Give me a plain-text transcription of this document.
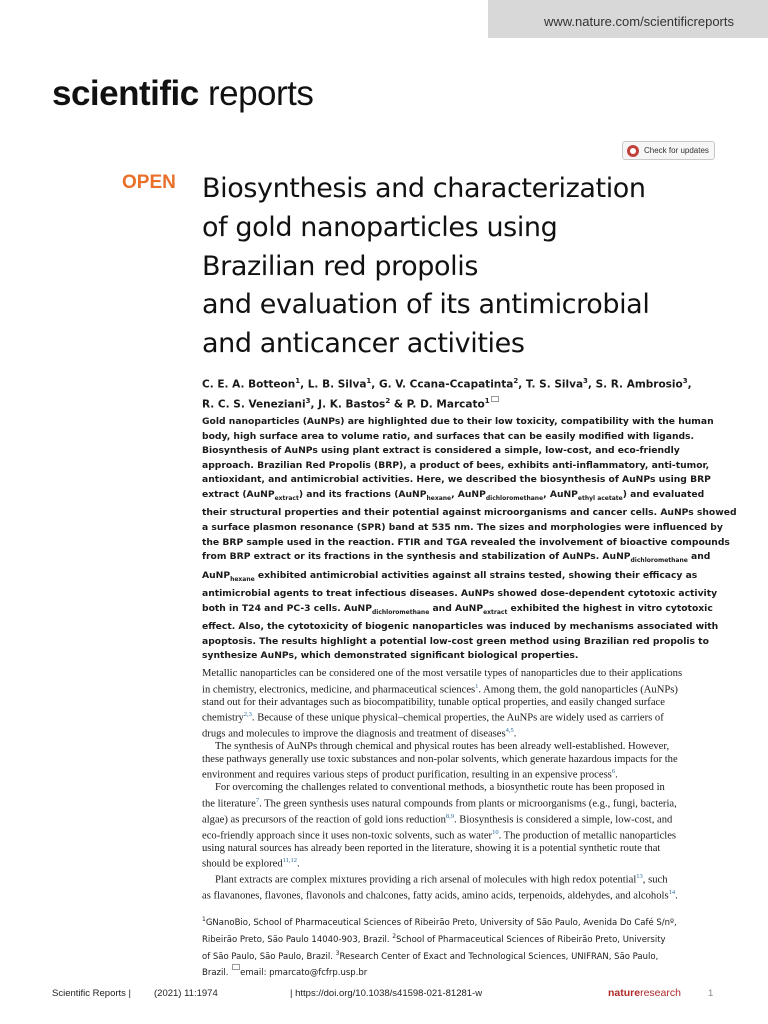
www.nature.com/scientificreports
scientific reports
Check for updates
OPEN Biosynthesis and characterization
of gold nanoparticles using
Brazilian red propolis
and evaluation of its antimicrobial
and anticancer activities
C. E. A. Botteon$^1$, L. B. Silva$^1$, G. V. Ccana-Ccapatinta$^2$, T. S. Silva$^3$, S. R. Ambrosio$^3$,
R. C. S. Veneziani$^3$, J. K. Bastos$^2$ & P. D. Marcato$^1$
Gold nanoparticles (AuNPs) are highlighted due to their low toxicity, compatibility with the human
body, high surface area to volume ratio, and surfaces that can be easily modified with ligands.
Biosynthesis of AuNPs using plant extract is considered a simple, low-cost, and eco-friendly
approach. Brazilian Red Propolis (BRP), a product of bees, exhibits anti-inflammatory, anti-tumor,
antioxidant, and antimicrobial activities. Here, we described the biosynthesis of AuNPs using BRP
extract (AuNP$_{extract}$) and its fractions (AuNP$_{hexane}$, AuNP$_{dichloromethane}$, AuNP$_{ethyl acetate}$) and evaluated
their structural properties and their potential against microorganisms and cancer cells. AuNPs showed
a surface plasmon resonance (SPR) band at 535 nm. The sizes and morphologies were influenced by
the BRP sample used in the reaction. FTIR and TGA revealed the involvement of bioactive compounds
from BRP extract or its fractions in the synthesis and stabilization of AuNPs. AuNP$_{dichloromethane}$ and
AuNP$_{hexane}$ exhibited antimicrobial activities against all strains tested, showing their efficacy as
antimicrobial agents to treat infectious diseases. AuNPs showed dose-dependent cytotoxic activity
both in T24 and PC-3 cells. AuNP$_{dichloromethane}$ and AuNP$_{extract}$ exhibited the highest in vitro cytotoxic
effect. Also, the cytotoxicity of biogenic nanoparticles was induced by mechanisms associated with
apoptosis. The results highlight a potential low-cost green method using Brazilian red propolis to
synthesize AuNPs, which demonstrated significant biological properties.
Metallic nanoparticles can be considered one of the most versatile types of nanoparticles due to their applications
in chemistry, electronics, medicine, and pharmaceutical sciences$^1$. Among them, the gold nanoparticles (AuNPs)
stand out for their advantages such as biocompatibility, tunable optical properties, and easily changed surface
chemistry$^{2,3}$. Because of these unique physical–chemical properties, the AuNPs are widely used as carriers of
drugs and molecules to improve the diagnosis and treatment of diseases$^{4,5}$.
The synthesis of AuNPs through chemical and physical routes has been already well-established. However,
these pathways generally use toxic substances and non-polar solvents, which generate hazardous impacts for the
environment and requires various steps of product purification, resulting in an expensive process$^6$.
For overcoming the challenges related to conventional methods, a biosynthetic route has been proposed in
the literature$^7$. The green synthesis uses natural compounds from plants or microorganisms (e.g., fungi, bacteria,
algae) as precursors of the reaction of gold ions reduction$^{8,9}$. Biosynthesis is considered a simple, low-cost, and
eco-friendly approach since it uses non-toxic solvents, such as water$^{10}$. The production of metallic nanoparticles
using natural sources has already been reported in the literature, showing it is a potential synthetic route that
should be explored$^{11,12}$.
Plant extracts are complex mixtures providing a rich arsenal of molecules with high redox potential$^{13}$, such
as flavanones, flavones, flavonols and chalcones, fatty acids, amino acids, terpenoids, aldehydes, and alcohols$^{14}$.
$^1$GNanoBio, School of Pharmaceutical Sciences of Ribeirão Preto, University of São Paulo, Avenida Do Café S/nº,
Ribeirão Preto, São Paulo 14040-903, Brazil. $^2$School of Pharmaceutical Sciences of Ribeirão Preto, University
of São Paulo, São Paulo, Brazil. $^3$Research Center of Exact and Technological Sciences, UNIFRAN, São Paulo,
Brazil. email: pmarcato@fcfrp.usp.br
Scientific Reports | (2021) 11:1974	| https://doi.org/10.1038/s41598-021-81281-w	nature research	1
